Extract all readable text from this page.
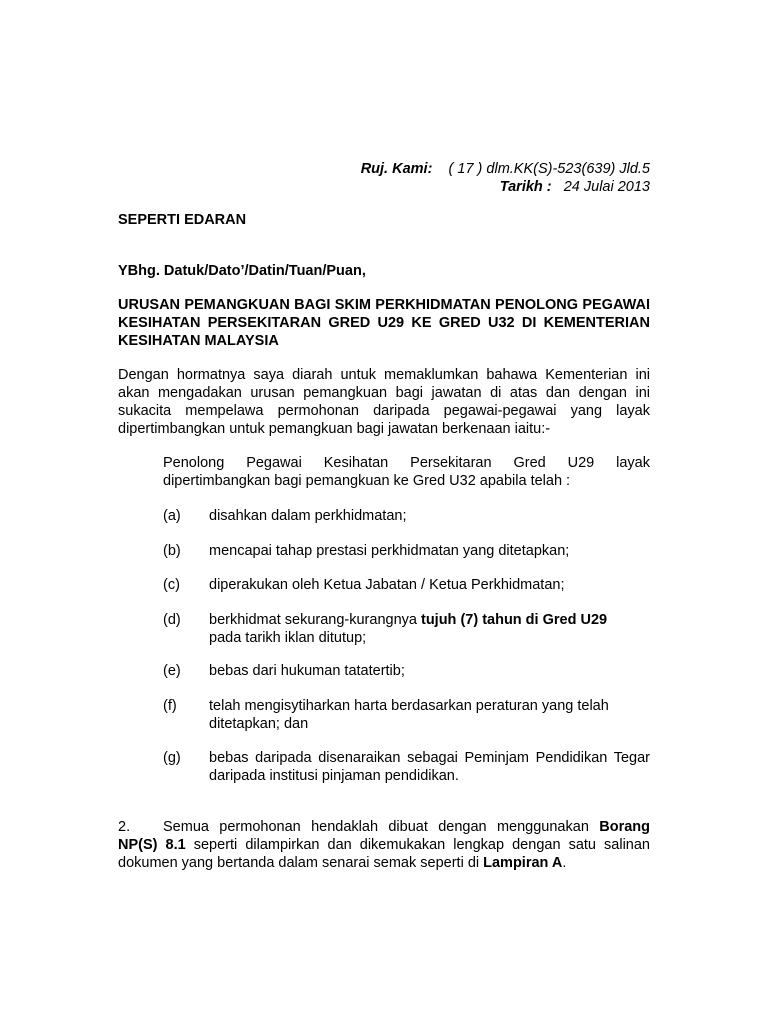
Ruj. Kami: ( 17 ) dlm.KK(S)-523(639) Jld.5
Tarikh : 24 Julai 2013
SEPERTI EDARAN
YBhg. Datuk/Dato’/Datin/Tuan/Puan,
URUSAN PEMANGKUAN BAGI SKIM PERKHIDMATAN PENOLONG PEGAWAI KESIHATAN PERSEKITARAN GRED U29 KE GRED U32 DI KEMENTERIAN KESIHATAN MALAYSIA
Dengan hormatnya saya diarah untuk memaklumkan bahawa Kementerian ini akan mengadakan urusan pemangkuan bagi jawatan di atas dan dengan ini sukacita mempelawa permohonan daripada pegawai-pegawai yang layak dipertimbangkan untuk pemangkuan bagi jawatan berkenaan iaitu:-
Penolong Pegawai Kesihatan Persekitaran Gred U29 layak dipertimbangkan bagi pemangkuan ke Gred U32 apabila telah :
(a)	disahkan dalam perkhidmatan;
(b)	mencapai tahap prestasi perkhidmatan yang ditetapkan;
(c)	diperakukan oleh Ketua Jabatan / Ketua Perkhidmatan;
(d)	berkhidmat sekurang-kurangnya tujuh (7) tahun di Gred U29 pada tarikh iklan ditutup;
(e)	bebas dari hukuman tatatertib;
(f)	telah mengisytiharkan harta berdasarkan peraturan yang telah ditetapkan; dan
(g)	bebas daripada disenaraikan sebagai Peminjam Pendidikan Tegar daripada institusi pinjaman pendidikan.
2. Semua permohonan hendaklah dibuat dengan menggunakan Borang NP(S) 8.1 seperti dilampirkan dan dikemukakan lengkap dengan satu salinan dokumen yang bertanda dalam senarai semak seperti di Lampiran A.
